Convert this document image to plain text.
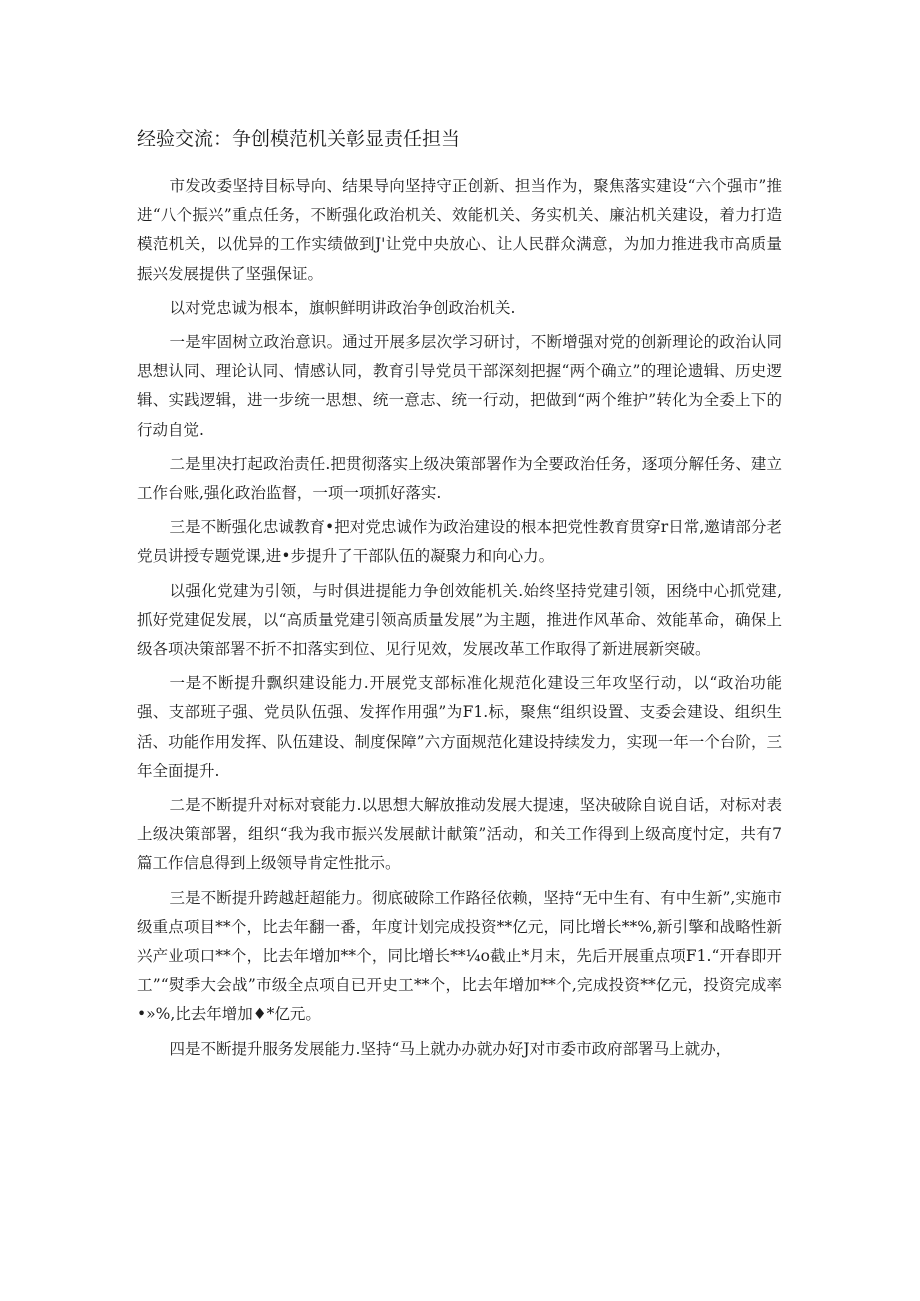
经验交流：争创模范机关彰显责任担当

市发改委坚持目标导向、结果导向坚持守正创新、担当作为，聚焦落实建设“六个强市”推进“八个振兴”重点任务，不断强化政治机关、效能机关、务实机关、廉沾机关建设，着力打造模范机关，以优异的工作实绩做到J'让党中央放心、让人民群众满意，为加力推进我市高质量振兴发展提供了坚强保证。

以对党忠诚为根本，旗帜鲜明讲政治争创政治机关.

一是牢固树立政治意识。通过开展多层次学习研讨，不断增强对党的创新理论的政治认同思想认同、理论认同、情感认同，教育引导党员干部深刻把握“两个确立”的理论遗辑、历史逻辑、实践逻辑，进一步统一思想、统一意志、统一行动，把做到“两个维护”转化为全委上下的行动自觉.

二是里决打起政治责任.把贯彻落实上级决策部署作为全要政治任务，逐项分解任务、建立工作台账,强化政治监督，一项一项抓好落实.

三是不断强化忠诚教育•把对党忠诚作为政治建设的根本把党性教育贯穿r日常,邀请部分老党员讲授专题党课,进•步提升了干部队伍的凝聚力和向心力。

以强化党建为引领，与时俱进提能力争创效能机关.始终坚持党建引领，困绕中心抓党建,抓好党建促发展，以“高质量党建引领高质量发展”为主题，推进作风革命、效能革命，确保上级各项决策部署不折不扣落实到位、见行见效，发展改革工作取得了新进展新突破。

一是不断提升飘织建设能力.开展党支部标准化规范化建设三年攻坚行动，以“政治功能强、支部班子强、党员队伍强、发挥作用强”为F1.标，聚焦“组织设置、支委会建设、组织生活、功能作用发挥、队伍建设、制度保障”六方面规范化建设持续发力，实现一年一个台阶，三年全面提升.

二是不断提升对标对衰能力.以思想大解放推动发展大提速，坚决破除自说自话，对标对表上级决策部署，组织“我为我市振兴发展献计献策”活动，和关工作得到上级高度忖定，共有7篇工作信息得到上级领导肯定性批示。

三是不断提升跨越赶超能力。彻底破除工作路径依赖，坚持“无中生有、有中生新”,实施市级重点项目**个，比去年翻一番，年度计划完成投资**亿元，同比增长**%,新引擎和战略性新兴产业项口**个，比去年增加**个，同比增长**¼o截止*月末，先后开展重点项F1.“开春即开工”“熨季大会战”市级全点项自已开史工**个，比去年增加**个,完成投资**亿元，投资完成率•»%,比去年增加♦*亿元。

四是不断提升服务发展能力.坚持“马上就办办就办好J对市委市政府部署马上就办，
